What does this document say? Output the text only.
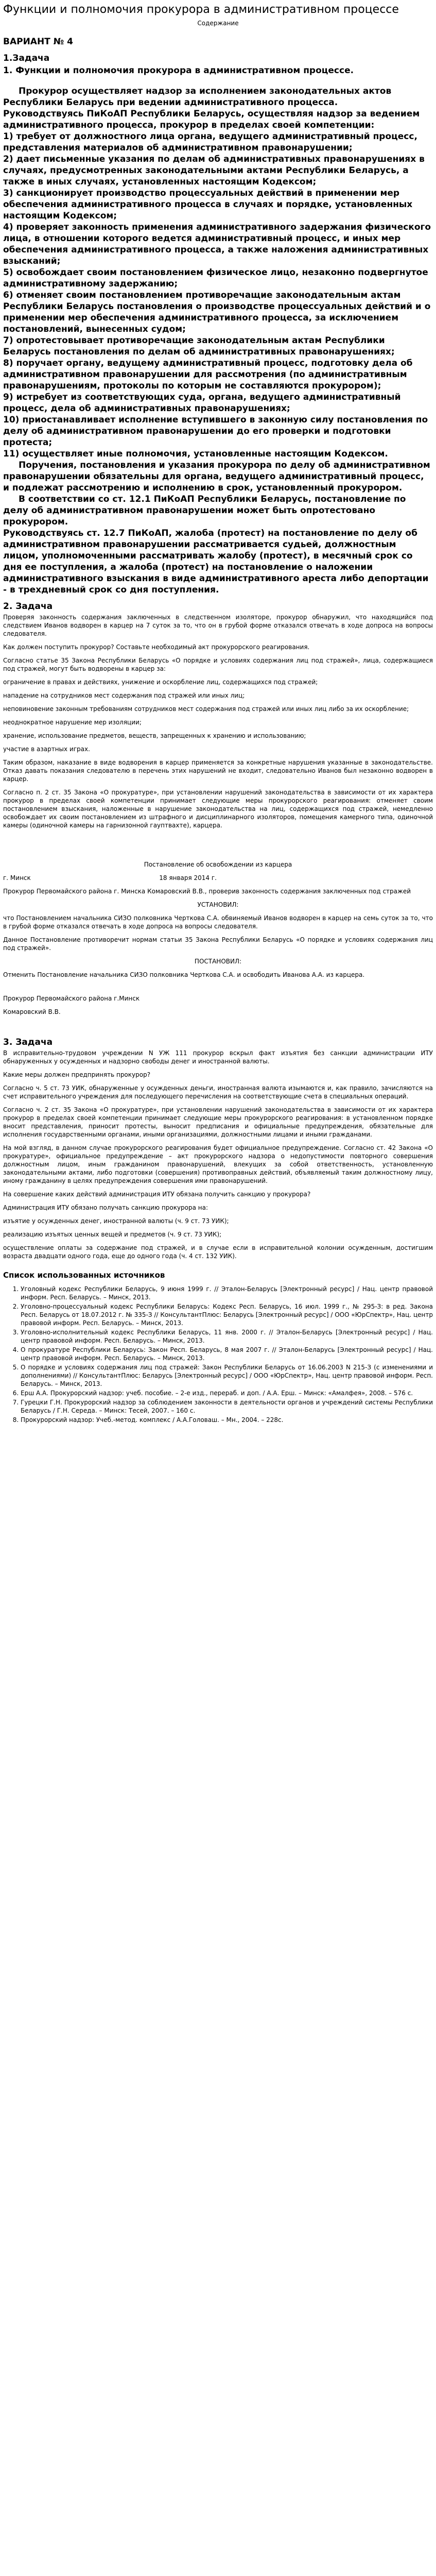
Функции и полномочия прокурора в административном процессе
Содержание
ВАРИАНТ № 4
1.Задача
1. Функции и полномочия прокурора в административном процессе.

Прокурор осуществляет надзор за исполнением законодательных актов Республики Беларусь при ведении административного процесса.

Руководствуясь ПиКоАП Республики Беларусь, осуществляя надзор за ведением административного процесса, прокурор в пределах своей компетенции:

1) требует от должностного лица органа, ведущего административный процесс, представления материалов об административном правонарушении;

2) дает письменные указания по делам об административных правонарушениях в случаях, предусмотренных законодательными актами Республики Беларусь, а также в иных случаях, установленных настоящим Кодексом;

3) санкционирует производство процессуальных действий в применении мер обеспечения административного процесса в случаях и порядке, установленных настоящим Кодексом;

4) проверяет законность применения административного задержания физического лица, в отношении которого ведется административный процесс, и иных мер обеспечения административного процесса, а также наложения административных взысканий;

5) освобождает своим постановлением физическое лицо, незаконно подвергнутое административному задержанию;

6) отменяет своим постановлением противоречащие законодательным актам Республики Беларусь постановления о производстве процессуальных действий и о применении мер обеспечения административного процесса, за исключением постановлений, вынесенных судом;

7) опротестовывает противоречащие законодательным актам Республики Беларусь постановления по делам об административных правонарушениях;

8) поручает органу, ведущему административный процесс, подготовку дела об административном правонарушении для рассмотрения (по административным правонарушениям, протоколы по которым не составляются прокурором);

9) истребует из соответствующих суда, органа, ведущего административный процесс, дела об административных правонарушениях;

10) приостанавливает исполнение вступившего в законную силу постановления по делу об административном правонарушении до его проверки и подготовки протеста;

11) осуществляет иные полномочия, установленные настоящим Кодексом.

Поручения, постановления и указания прокурора по делу об административном правонарушении обязательны для органа, ведущего административный процесс, и подлежат рассмотрению и исполнению в срок, установленный прокурором.

В соответствии со ст. 12.1 ПиКоАП Республики Беларусь, постановление по делу об административном правонарушении может быть опротестовано прокурором.

Руководствуясь ст. 12.7 ПиКоАП, жалоба (протест) на постановление по делу об административном правонарушении рассматривается судьей, должностным лицом, уполномоченными рассматривать жалобу (протест), в месячный срок со дня ее поступления, а жалоба (протест) на постановление о наложении административного взыскания в виде административного ареста либо депортации - в трехдневный срок со дня поступления.

2. Задача

Проверяя законность содержания заключенных в следственном изоляторе, прокурор обнаружил, что находящийся под следствием Иванов водворен в карцер на 7 суток за то, что он в грубой форме отказался отвечать в ходе допроса на вопросы следователя.

Как должен поступить прокурор? Составьте необходимый акт прокурорского реагирования.

Согласно статье 35 Закона Республики Беларусь «О порядке и условиях содержания лиц под стражей», лица, содержащиеся под стражей, могут быть водворены в карцер за:

ограничение в правах и действиях, унижение и оскорбление лиц, содержащихся под стражей;

нападение на сотрудников мест содержания под стражей или иных лиц;

неповиновение законным требованиям сотрудников мест содержания под стражей или иных лиц либо за их оскорбление;

неоднократное нарушение мер изоляции;

хранение, использование предметов, веществ, запрещенных к хранению и использованию;

участие в азартных играх.

Таким образом, наказание в виде водворения в карцер применяется за конкретные нарушения указанные в законодательстве. Отказ давать показания следователю в перечень этих нарушений не входит, следовательно Иванов был незаконно водворен в карцер.

Согласно п. 2 ст. 35 Закона «О прокуратуре», при установлении нарушений законодательства в зависимости от их характера прокурор в пределах своей компетенции принимает следующие меры прокурорского реагирования: отменяет своим постановлением взыскания, наложенные в нарушение законодательства на лиц, содержащихся под стражей, немедленно освобождает их своим постановлением из штрафного и дисциплинарного изоляторов, помещения камерного типа, одиночной камеры (одиночной камеры на гарнизонной гауптвахте), карцера.

Постановление об освобождении из карцера

г. Минск	18 января 2014 г.

Прокурор Первомайского района г. Минска Комаровский В.В., проверив законность содержания заключенных под стражей

УСТАНОВИЛ:

что Постановлением начальника СИЗО полковника Черткова С.А. обвиняемый Иванов водворен в карцер на семь суток за то, что в грубой форме отказался отвечать в ходе допроса на вопросы следователя.

Данное Постановление противоречит нормам статьи 35 Закона Республики Беларусь «О порядке и условиях содержания лиц под стражей».

ПОСТАНОВИЛ:

Отменить Постановление начальника СИЗО полковника Черткова С.А. и освободить Иванова А.А. из карцера.

Прокурор Первомайского района г.Минск

Комаровский В.В.

3. Задача

В исправительно-трудовом учреждении N УЖ 111 прокурор вскрыл факт изъятия без санкции администрации ИТУ обнаруженных у осужденных и надзорно свободы денег и иностранной валюты.

Какие меры должен предпринять прокурор?

Согласно ч. 5 ст. 73 УИК, обнаруженные у осужденных деньги, иностранная валюта изымаются и, как правило, зачисляются на счет исправительного учреждения для последующего перечисления на соответствующие счета в специальных операций.

Согласно ч. 2 ст. 35 Закона «О прокуратуре», при установлении нарушений законодательства в зависимости от их характера прокурор в пределах своей компетенции принимает следующие меры прокурорского реагирования: в установленном порядке вносит представления, приносит протесты, выносит предписания и официальные предупреждения, обязательные для исполнения государственными органами, иными организациями, должностными лицами и иными гражданами.

На мой взгляд, в данном случае прокурорского реагирования будет официальное предупреждение. Согласно ст. 42 Закона «О прокуратуре», официальное предупреждение – акт прокурорского надзора о недопустимости повторного совершения должностным лицом, иным гражданином правонарушений, влекущих за собой ответственность, установленную законодательными актами, либо подготовки (совершения) противоправных действий, объявляемый таким должностному лицу, иному гражданину в целях предупреждения совершения ими правонарушений.

На совершение каких действий администрация ИТУ обязана получить санкцию у прокурора?

Администрация ИТУ обязано получать санкцию прокурора на:

изъятие у осужденных денег, иностранной валюты (ч. 9 ст. 73 УИК);

реализацию изъятых ценных вещей и предметов (ч. 9 ст. 73 УИК);

осуществление оплаты за содержание под стражей, и в случае если в исправительной колонии осужденным, достигшим возраста двадцати одного года, еще до одного года (ч. 4 ст. 132 УИК).

Список использованных источников
1. Уголовный кодекс Республики Беларусь, 9 июня 1999 г. // Эталон-Беларусь [Электронный ресурс] / Нац. центр правовой информ. Респ. Беларусь. – Минск, 2013.
2. Уголовно-процессуальный кодекс Республики Беларусь: Кодекс Респ. Беларусь, 16 июл. 1999 г., № 295-З: в ред. Закона Респ. Беларусь от 18.07.2012 г. № 335-З // КонсультантПлюс: Беларусь [Электронный ресурс] / ООО «ЮрСпектр», Нац. центр правовой информ. Респ. Беларусь. – Минск, 2013.
3. Уголовно-исполнительный кодекс Республики Беларусь, 11 янв. 2000 г. // Эталон-Беларусь [Электронный ресурс] / Нац. центр правовой информ. Респ. Беларусь. – Минск, 2013.
4. О прокуратуре Республики Беларусь: Закон Респ. Беларусь, 8 мая 2007 г. // Эталон-Беларусь [Электронный ресурс] / Нац. центр правовой информ. Респ. Беларусь. – Минск, 2013.
5. О порядке и условиях содержания лиц под стражей: Закон Республики Беларусь от 16.06.2003 N 215-З (с изменениями и дополнениями) // КонсультантПлюс: Беларусь [Электронный ресурс] / ООО «ЮрСпектр», Нац. центр правовой информ. Респ. Беларусь. – Минск, 2013.
6. Ерш А.А. Прокурорский надзор: учеб. пособие. – 2-е изд., перераб. и доп. / А.А. Ерш. – Минск: «Амалфея», 2008. – 576 с.
7. Гурецки Г.Н. Прокурорский надзор за соблюдением законности в деятельности органов и учреждений системы Республики Беларусь / Г.Н. Середа. – Минск: Тесей, 2007. – 160 с.
8. Прокурорский надзор: Учеб.-метод. комплекс / А.А.Головаш. – Мн., 2004. – 228с.
